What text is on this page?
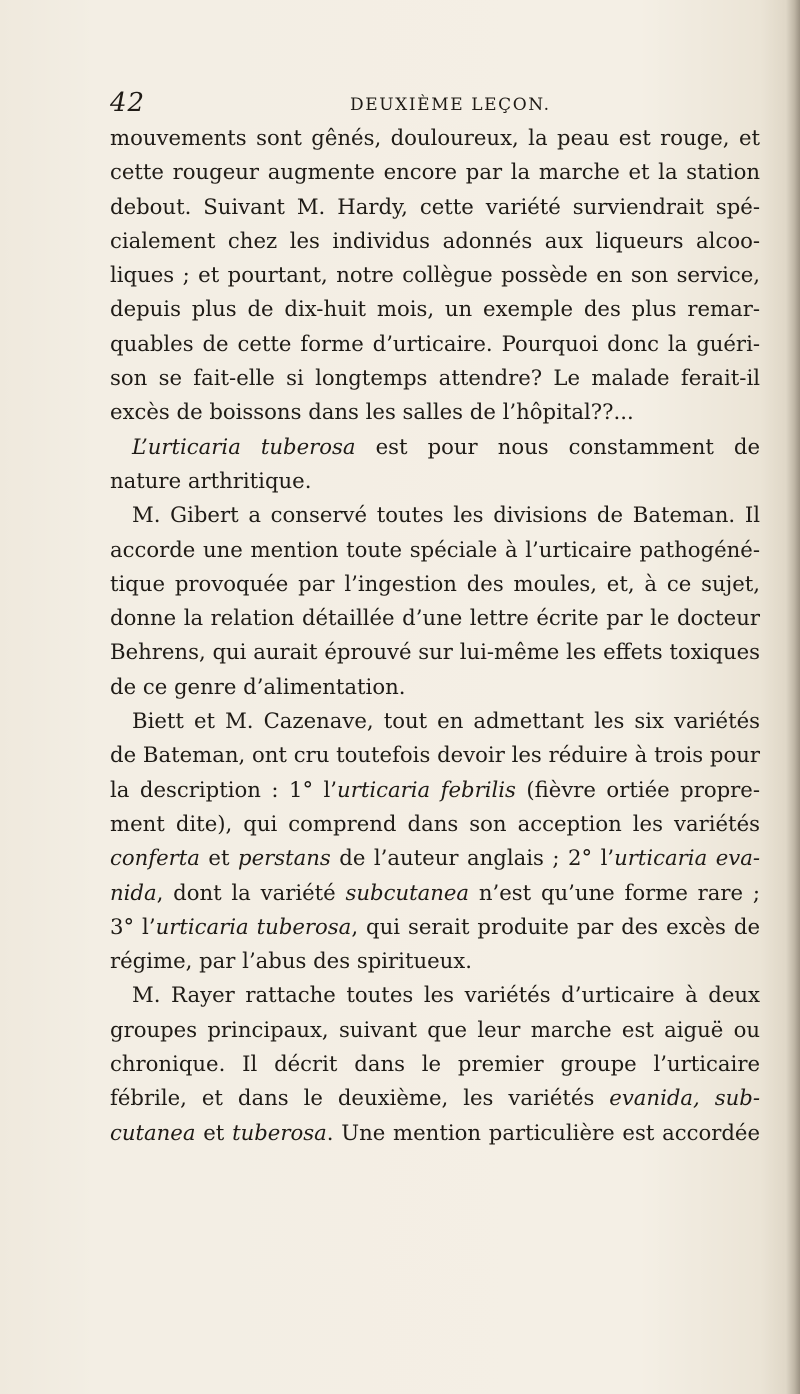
42	DEUXIÈME LEÇON.
mouvements sont gênés, douloureux, la peau est rouge, et
cette rougeur augmente encore par la marche et la station
debout. Suivant M. Hardy, cette variété surviendrait spé-
cialement chez les individus adonnés aux liqueurs alcoo-
liques ; et pourtant, notre collègue possède en son service,
depuis plus de dix-huit mois, un exemple des plus remar-
quables de cette forme d’urticaire. Pourquoi donc la guéri-
son se fait-elle si longtemps attendre? Le malade ferait-il
excès de boissons dans les salles de l’hôpital??...
L’urticaria tuberosa est pour nous constamment de
nature arthritique.
M. Gibert a conservé toutes les divisions de Bateman. Il
accorde une mention toute spéciale à l’urticaire pathogéné-
tique provoquée par l’ingestion des moules, et, à ce sujet,
donne la relation détaillée d’une lettre écrite par le docteur
Behrens, qui aurait éprouvé sur lui-même les effets toxiques
de ce genre d’alimentation.
Biett et M. Cazenave, tout en admettant les six variétés
de Bateman, ont cru toutefois devoir les réduire à trois pour
la description : 1° l’urticaria febrilis (fièvre ortiée propre-
ment dite), qui comprend dans son acception les variétés
conferta et perstans de l’auteur anglais ; 2° l’urticaria eva-
nida, dont la variété subcutanea n’est qu’une forme rare ;
3° l’urticaria tuberosa, qui serait produite par des excès de
régime, par l’abus des spiritueux.
M. Rayer rattache toutes les variétés d’urticaire à deux
groupes principaux, suivant que leur marche est aiguë ou
chronique. Il décrit dans le premier groupe l’urticaire
fébrile, et dans le deuxième, les variétés evanida, sub-
cutanea et tuberosa. Une mention particulière est accordée
